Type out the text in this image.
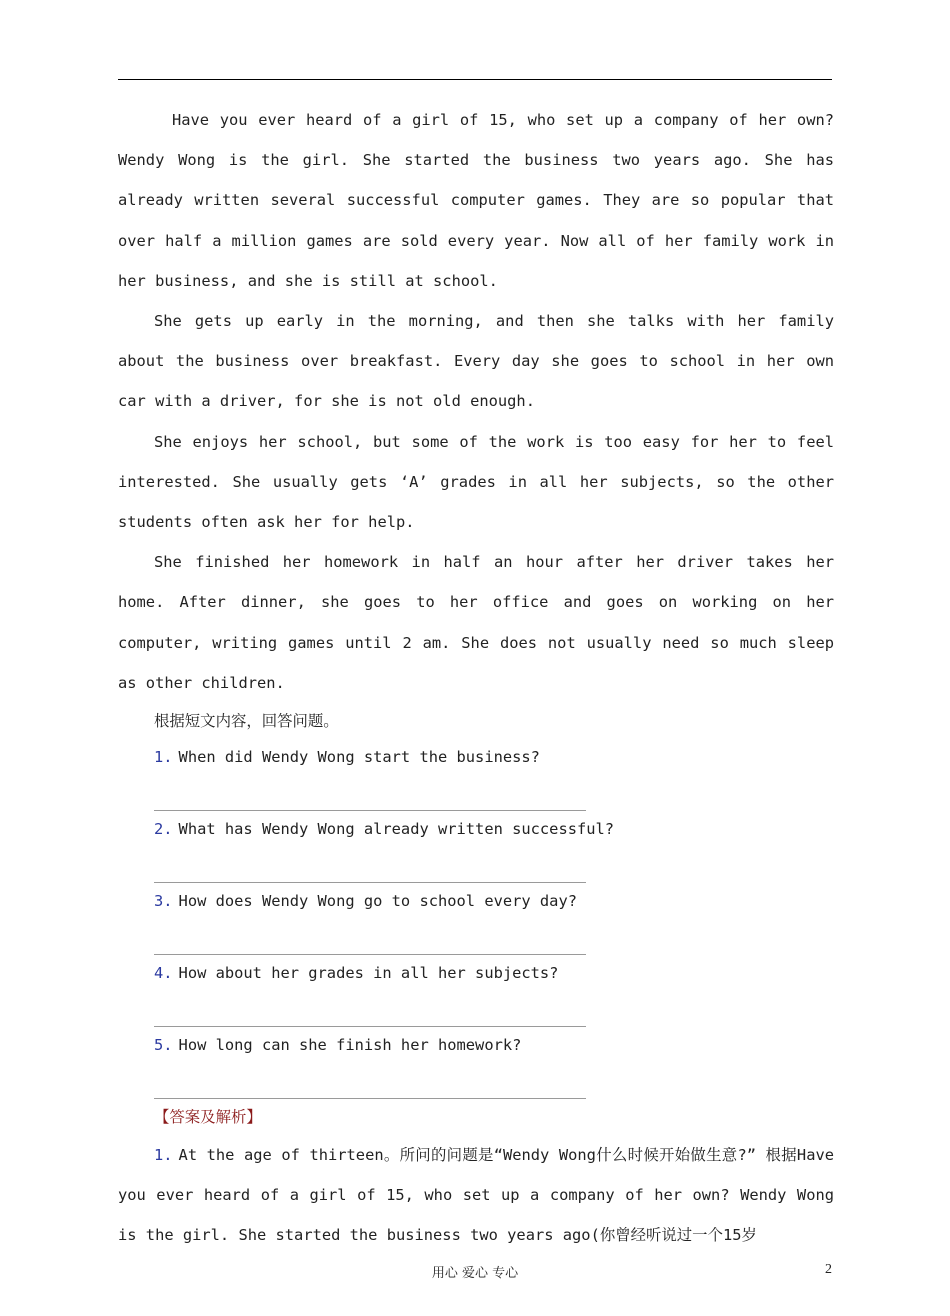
Have you ever heard of a girl of 15, who set up a company of her own? Wendy Wong is the girl. She started the business two years ago. She has already written several successful computer games. They are so popular that over half a million games are sold every year. Now all of her family work in her business, and she is still at school.

She gets up early in the morning, and then she talks with her family about the business over breakfast. Every day she goes to school in her own car with a driver, for she is not old enough.

She enjoys her school, but some of the work is too easy for her to feel interested. She usually gets ‘A’ grades in all her subjects, so the other students often ask her for help.

She finished her homework in half an hour after her driver takes her home. After dinner, she goes to her office and goes on working on her computer, writing games until 2 am. She does not usually need so much sleep as other children.

根据短文内容，回答问题。

1. When did Wendy Wong start the business?

2. What has Wendy Wong already written successful?

3. How does Wendy Wong go to school every day?

4. How about her grades in all her subjects?

5. How long can she finish her homework?

【答案及解析】

1. At the age of thirteen。所问的问题是“Wendy Wong什么时候开始做生意?” 根据Have you ever heard of a girl of 15, who set up a company of her own? Wendy Wong is the girl. She started the business two years ago(你曾经听说过一个15岁

用心 爱心 专心	2
